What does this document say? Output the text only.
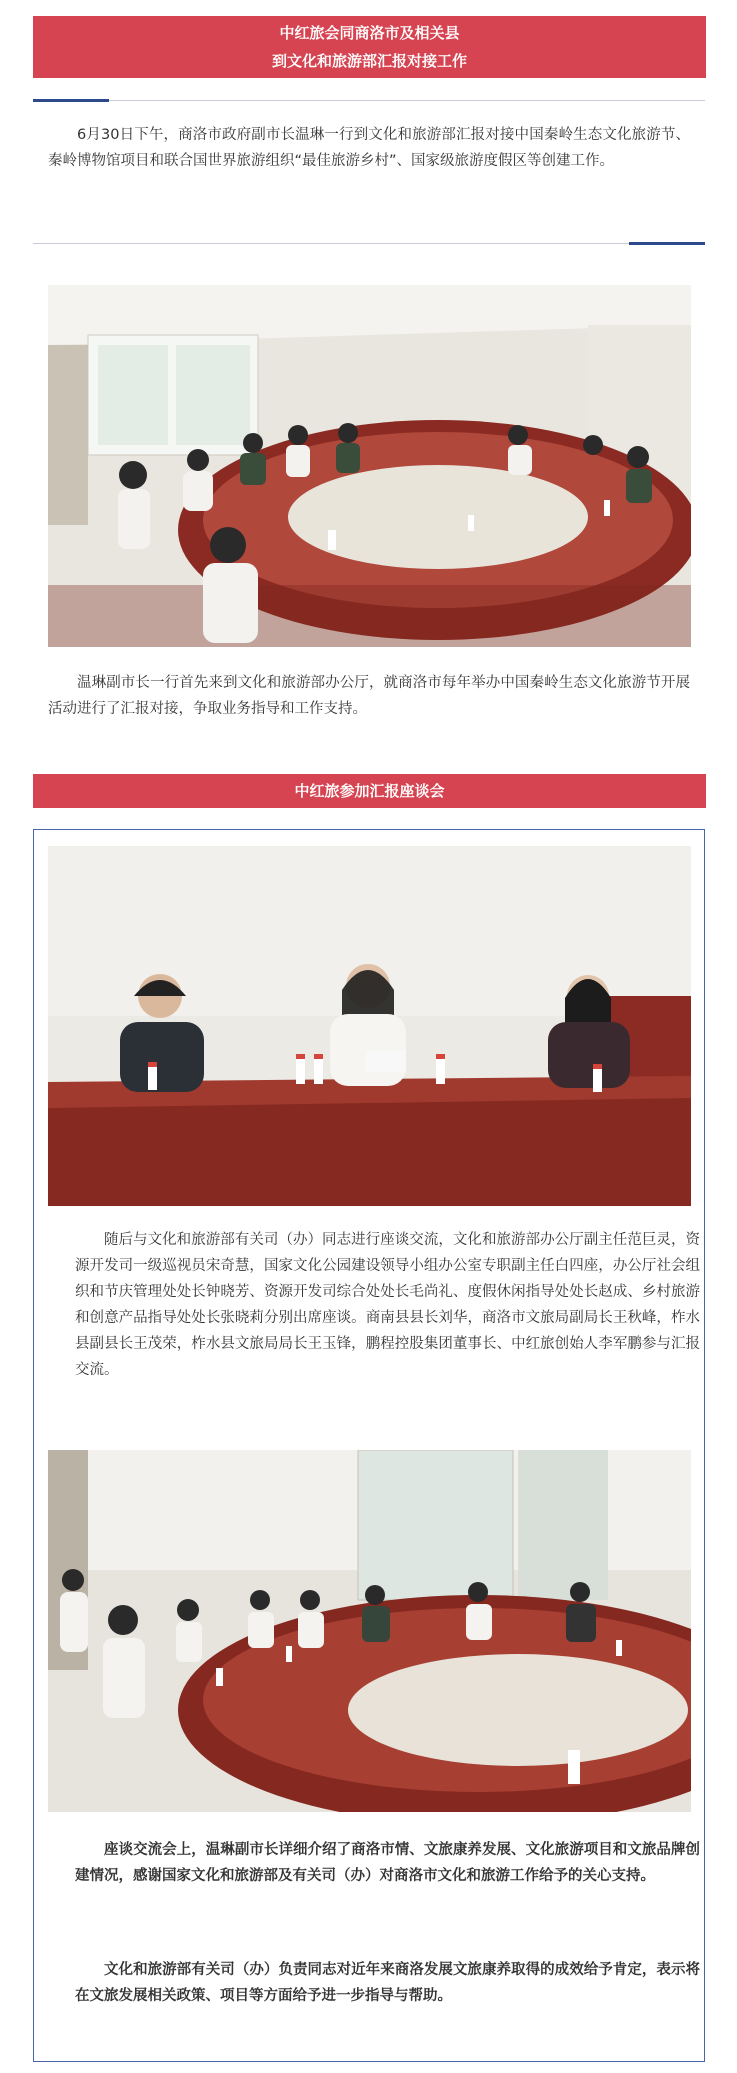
中红旅会同商洛市及相关县
到文化和旅游部汇报对接工作

6月30日下午，商洛市政府副市长温琳一行到文化和旅游部汇报对接中国秦岭生态文化旅游节、秦岭博物馆项目和联合国世界旅游组织“最佳旅游乡村”、国家级旅游度假区等创建工作。

温琳副市长一行首先来到文化和旅游部办公厅，就商洛市每年举办中国秦岭生态文化旅游节开展活动进行了汇报对接，争取业务指导和工作支持。

中红旅参加汇报座谈会

随后与文化和旅游部有关司（办）同志进行座谈交流，文化和旅游部办公厅副主任范巨灵，资源开发司一级巡视员宋奇慧，国家文化公园建设领导小组办公室专职副主任白四座，办公厅社会组织和节庆管理处处长钟晓芳、资源开发司综合处处长毛尚礼、度假休闲指导处处长赵成、乡村旅游和创意产品指导处处长张晓莉分别出席座谈。商南县县长刘华，商洛市文旅局副局长王秋峰，柞水县副县长王茂荣，柞水县文旅局局长王玉锋，鹏程控股集团董事长、中红旅创始人李军鹏参与汇报交流。

座谈交流会上，温琳副市长详细介绍了商洛市情、文旅康养发展、文化旅游项目和文旅品牌创建情况，感谢国家文化和旅游部及有关司（办）对商洛市文化和旅游工作给予的关心支持。

文化和旅游部有关司（办）负责同志对近年来商洛发展文旅康养取得的成效给予肯定，表示将在文旅发展相关政策、项目等方面给予进一步指导与帮助。
